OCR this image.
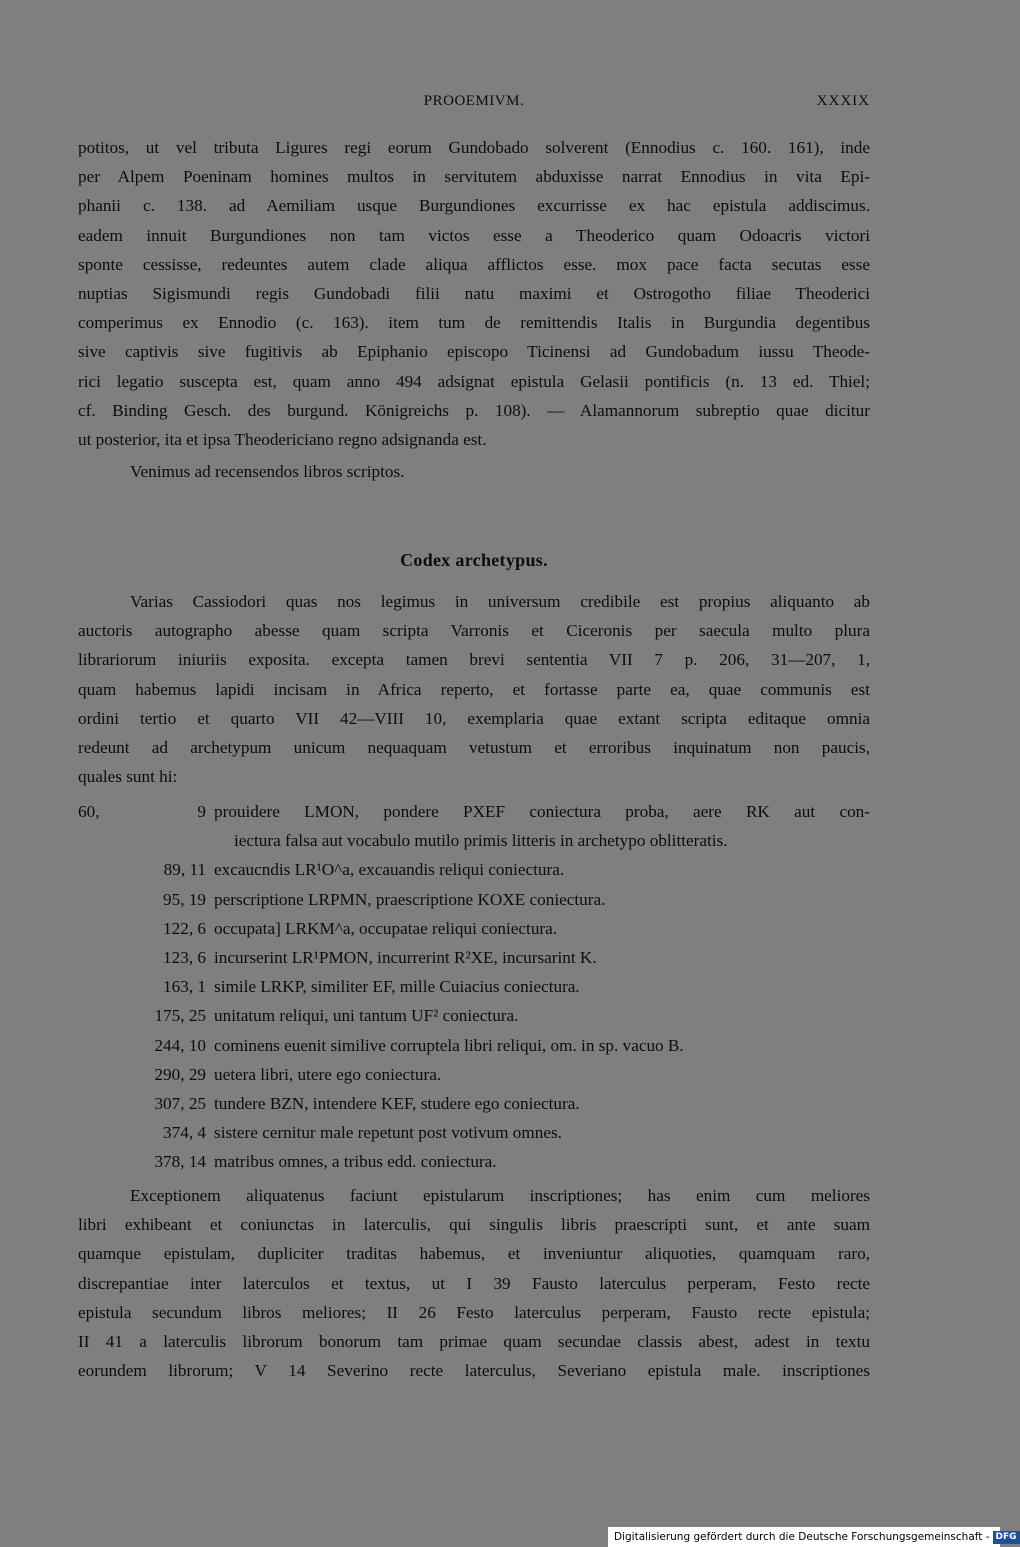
PROOEMIVM.	XXXIX
potitos, ut vel tributa Ligures regi eorum Gundobado solverent (Ennodius c. 160. 161), inde
per Alpem Poeninam homines multos in servitutem abduxisse narrat Ennodius in vita Epi-
phanii c. 138. ad Aemiliam usque Burgundiones excurrisse ex hac epistula addiscimus.
eadem innuit Burgundiones non tam victos esse a Theoderico quam Odoacris victori
sponte cessisse, redeuntes autem clade aliqua afflictos esse. mox pace facta secutas esse
nuptias Sigismundi regis Gundobadi filii natu maximi et Ostrogotho filiae Theoderici
comperimus ex Ennodio (c. 163). item tum de remittendis Italis in Burgundia degentibus
sive captivis sive fugitivis ab Epiphanio episcopo Ticinensi ad Gundobadum iussu Theode-
rici legatio suscepta est, quam anno 494 adsignat epistula Gelasii pontificis (n. 13 ed. Thiel;
cf. Binding Gesch. des burgund. Königreichs p. 108). — Alamannorum subreptio quae dicitur
ut posterior, ita et ipsa Theodericiano regno adsignanda est.
Venimus ad recensendos libros scriptos.
Codex archetypus.
Varias Cassiodori quas nos legimus in universum credibile est propius aliquanto ab
auctoris autographo abesse quam scripta Varronis et Ciceronis per saecula multo plura
librariorum iniuriis exposita. excepta tamen brevi sententia VII 7 p. 206, 31—207, 1,
quam habemus lapidi incisam in Africa reperto, et fortasse parte ea, quae communis est
ordini tertio et quarto VII 42—VIII 10, exemplaria quae extant scripta editaque omnia
redeunt ad archetypum unicum nequaquam vetustum et erroribus inquinatum non paucis,
quales sunt hi:
60, 9 prouidere LMON, pondere PXEF coniectura proba, aere RK aut con-
iectura falsa aut vocabulo mutilo primis litteris in archetypo oblitteratis.
89, 11 excaucndis LR¹O^a, excauandis reliqui coniectura.
95, 19 perscriptione LRPMN, praescriptione KOXE coniectura.
122, 6 occupata] LRKM^a, occupatae reliqui coniectura.
123, 6 incurserint LR¹PMON, incurrerint R²XE, incursarint K.
163, 1 simile LRKP, similiter EF, mille Cuiacius coniectura.
175, 25 unitatum reliqui, uni tantum UF² coniectura.
244, 10 cominens euenit similive corruptela libri reliqui, om. in sp. vacuo B.
290, 29 uetera libri, utere ego coniectura.
307, 25 tundere BZN, intendere KEF, studere ego coniectura.
374, 4 sistere cernitur male repetunt post votivum omnes.
378, 14 matribus omnes, a tribus edd. coniectura.
Exceptionem aliquatenus faciunt epistularum inscriptiones; has enim cum meliores
libri exhibeant et coniunctas in laterculis, qui singulis libris praescripti sunt, et ante suam
quamque epistulam, dupliciter traditas habemus, et inveniuntur aliquoties, quamquam raro,
discrepantiae inter laterculos et textus, ut I 39 Fausto laterculus perperam, Festo recte
epistula secundum libros meliores; II 26 Festo laterculus perperam, Fausto recte epistula;
II 41 a laterculis librorum bonorum tam primae quam secundae classis abest, adest in textu
eorundem librorum; V 14 Severino recte laterculus, Severiano epistula male. inscriptiones
Digitalisierung gefördert durch die Deutsche Forschungsgemeinschaft - DFG
